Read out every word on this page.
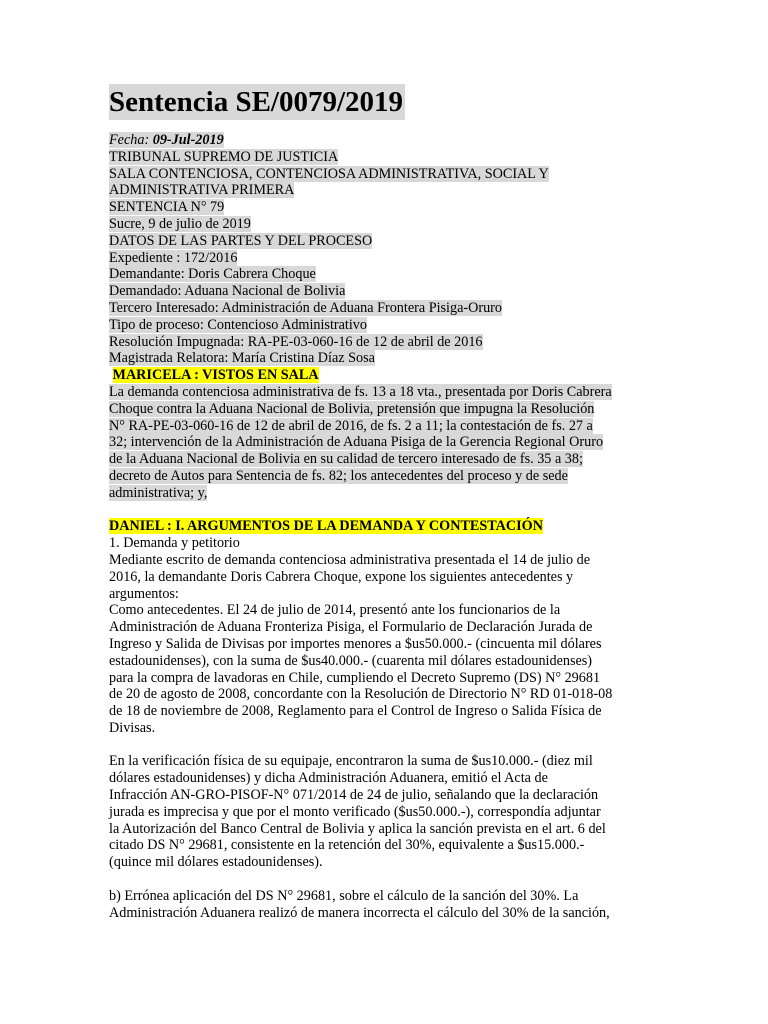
Sentencia SE/0079/2019
Fecha: 09-Jul-2019
TRIBUNAL SUPREMO DE JUSTICIA
SALA CONTENCIOSA, CONTENCIOSA ADMINISTRATIVA, SOCIAL Y
ADMINISTRATIVA PRIMERA
SENTENCIA N° 79
Sucre, 9 de julio de 2019
DATOS DE LAS PARTES Y DEL PROCESO
Expediente : 172/2016
Demandante: Doris Cabrera Choque
Demandado: Aduana Nacional de Bolivia
Tercero Interesado: Administración de Aduana Frontera Pisiga-Oruro
Tipo de proceso: Contencioso Administrativo
Resolución Impugnada: RA-PE-03-060-16 de 12 de abril de 2016
Magistrada Relatora: María Cristina Díaz Sosa
MARICELA : VISTOS EN SALA
La demanda contenciosa administrativa de fs. 13 a 18 vta., presentada por Doris Cabrera
Choque contra la Aduana Nacional de Bolivia, pretensión que impugna la Resolución
N° RA-PE-03-060-16 de 12 de abril de 2016, de fs. 2 a 11; la contestación de fs. 27 a
32; intervención de la Administración de Aduana Pisiga de la Gerencia Regional Oruro
de la Aduana Nacional de Bolivia en su calidad de tercero interesado de fs. 35 a 38;
decreto de Autos para Sentencia de fs. 82; los antecedentes del proceso y de sede
administrativa; y,
DANIEL : I. ARGUMENTOS DE LA DEMANDA Y CONTESTACIÓN
1. Demanda y petitorio
Mediante escrito de demanda contenciosa administrativa presentada el 14 de julio de
2016, la demandante Doris Cabrera Choque, expone los siguientes antecedentes y
argumentos:
Como antecedentes. El 24 de julio de 2014, presentó ante los funcionarios de la
Administración de Aduana Fronteriza Pisiga, el Formulario de Declaración Jurada de
Ingreso y Salida de Divisas por importes menores a $us50.000.- (cincuenta mil dólares
estadounidenses), con la suma de $us40.000.- (cuarenta mil dólares estadounidenses)
para la compra de lavadoras en Chile, cumpliendo el Decreto Supremo (DS) N° 29681
de 20 de agosto de 2008, concordante con la Resolución de Directorio N° RD 01-018-08
de 18 de noviembre de 2008, Reglamento para el Control de Ingreso o Salida Física de
Divisas.
En la verificación física de su equipaje, encontraron la suma de $us10.000.- (diez mil
dólares estadounidenses) y dicha Administración Aduanera, emitió el Acta de
Infracción AN-GRO-PISOF-N° 071/2014 de 24 de julio, señalando que la declaración
jurada es imprecisa y que por el monto verificado ($us50.000.-), correspondía adjuntar
la Autorización del Banco Central de Bolivia y aplica la sanción prevista en el art. 6 del
citado DS N° 29681, consistente en la retención del 30%, equivalente a $us15.000.-
(quince mil dólares estadounidenses).
b) Errónea aplicación del DS N° 29681, sobre el cálculo de la sanción del 30%. La
Administración Aduanera realizó de manera incorrecta el cálculo del 30% de la sanción,
